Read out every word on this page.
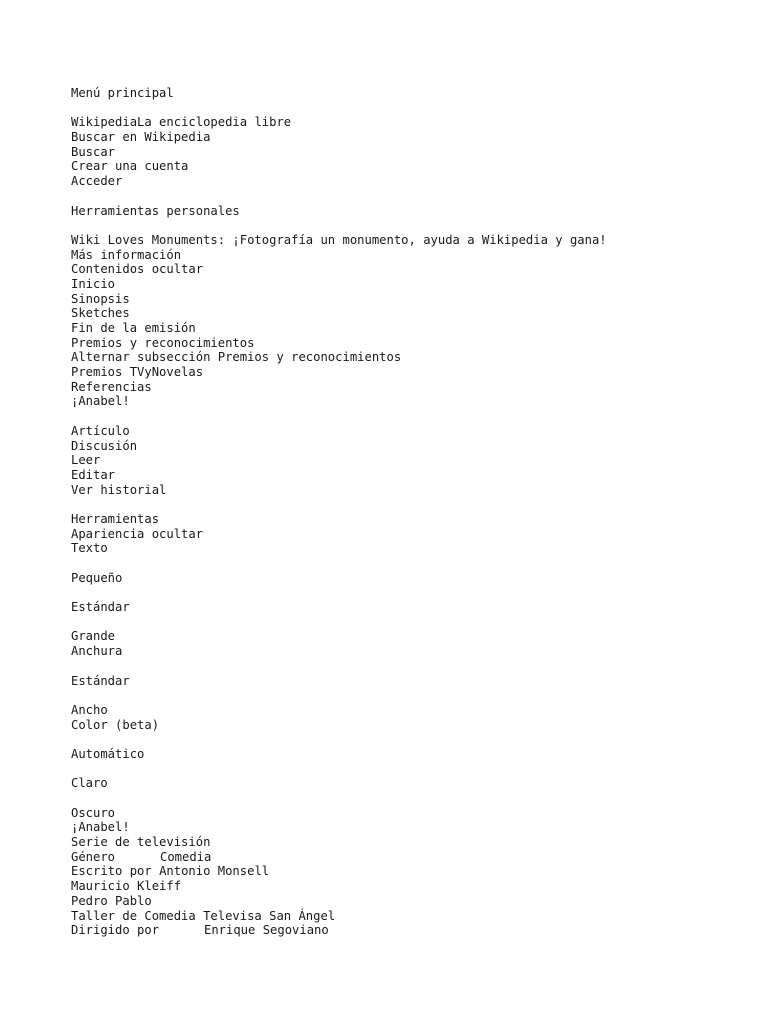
Menú principal
WikipediaLa enciclopedia libre
Buscar en Wikipedia
Buscar
Crear una cuenta
Acceder
Herramientas personales
Wiki Loves Monuments: ¡Fotografía un monumento, ayuda a Wikipedia y gana!
Más información
Contenidos ocultar
Inicio
Sinopsis
Sketches
Fin de la emisión
Premios y reconocimientos
Alternar subsección Premios y reconocimientos
Premios TVyNovelas
Referencias
¡Anabel!
Artículo
Discusión
Leer
Editar
Ver historial
Herramientas
Apariencia ocultar
Texto
Pequeño
Estándar
Grande
Anchura
Estándar
Ancho
Color (beta)
Automático
Claro
Oscuro
¡Anabel!
Serie de televisión
Género	Comedia
Escrito por Antonio Monsell
Mauricio Kleiff
Pedro Pablo
Taller de Comedia Televisa San Ángel
Dirigido por	Enrique Segoviano
